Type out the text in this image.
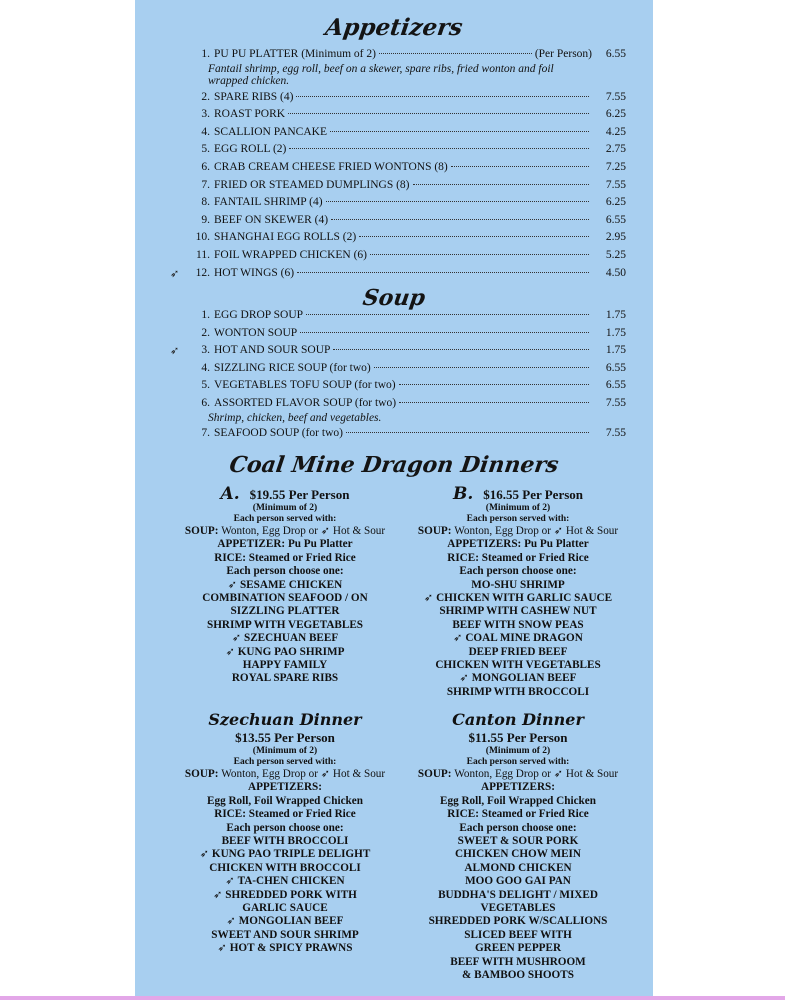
Appetizers
1. PU PU PLATTER (Minimum of 2)	(Per Person)	6.55
Fantail shrimp, egg roll, beef on a skewer, spare ribs, fried wonton and foil wrapped chicken.
2. SPARE RIBS (4)	7.55
3. ROAST PORK	6.25
4. SCALLION PANCAKE	4.25
5. EGG ROLL (2)	2.75
6. CRAB CREAM CHEESE FRIED WONTONS (8)	7.25
7. FRIED OR STEAMED DUMPLINGS (8)	7.55
8. FANTAIL SHRIMP (4)	6.25
9. BEEF ON SKEWER (4)	6.55
10. SHANGHAI EGG ROLLS (2)	2.95
11. FOIL WRAPPED CHICKEN (6)	5.25
12. HOT WINGS (6)	4.50
➶
Soup
1. EGG DROP SOUP	1.75
2. WONTON SOUP	1.75
3. HOT AND SOUR SOUP	1.75
➶
4. SIZZLING RICE SOUP (for two)	6.55
5. VEGETABLES TOFU SOUP (for two)	6.55
6. ASSORTED FLAVOR SOUP (for two)	7.55
Shrimp, chicken, beef and vegetables.
7. SEAFOOD SOUP (for two)	7.55
Coal Mine Dragon Dinners
A. $19.55 Per Person
(Minimum of 2)
Each person served with:
SOUP: Wonton, Egg Drop or ➶ Hot & Sour
APPETIZER: Pu Pu Platter
RICE: Steamed or Fried Rice
Each person choose one:
➶ SESAME CHICKEN
COMBINATION SEAFOOD / ON
SIZZLING PLATTER
SHRIMP WITH VEGETABLES
➶ SZECHUAN BEEF
➶ KUNG PAO SHRIMP
HAPPY FAMILY
ROYAL SPARE RIBS
B. $16.55 Per Person
(Minimum of 2)
Each person served with:
SOUP: Wonton, Egg Drop or ➶ Hot & Sour
APPETIZERS: Pu Pu Platter
RICE: Steamed or Fried Rice
Each person choose one:
MO-SHU SHRIMP
➶ CHICKEN WITH GARLIC SAUCE
SHRIMP WITH CASHEW NUT
BEEF WITH SNOW PEAS
➶ COAL MINE DRAGON
DEEP FRIED BEEF
CHICKEN WITH VEGETABLES
➶ MONGOLIAN BEEF
SHRIMP WITH BROCCOLI
Szechuan Dinner
$13.55 Per Person
(Minimum of 2)
Each person served with:
SOUP: Wonton, Egg Drop or ➶ Hot & Sour
APPETIZERS:
Egg Roll, Foil Wrapped Chicken
RICE: Steamed or Fried Rice
Each person choose one:
BEEF WITH BROCCOLI
➶ KUNG PAO TRIPLE DELIGHT
CHICKEN WITH BROCCOLI
➶ TA-CHEN CHICKEN
➶ SHREDDED PORK WITH
GARLIC SAUCE
➶ MONGOLIAN BEEF
SWEET AND SOUR SHRIMP
➶ HOT & SPICY PRAWNS
Canton Dinner
$11.55 Per Person
(Minimum of 2)
Each person served with:
SOUP: Wonton, Egg Drop or ➶ Hot & Sour
APPETIZERS:
Egg Roll, Foil Wrapped Chicken
RICE: Steamed or Fried Rice
Each person choose one:
SWEET & SOUR PORK
CHICKEN CHOW MEIN
ALMOND CHICKEN
MOO GOO GAI PAN
BUDDHA'S DELIGHT / MIXED
VEGETABLES
SHREDDED PORK W/SCALLIONS
SLICED BEEF WITH
GREEN PEPPER
BEEF WITH MUSHROOM
& BAMBOO SHOOTS
